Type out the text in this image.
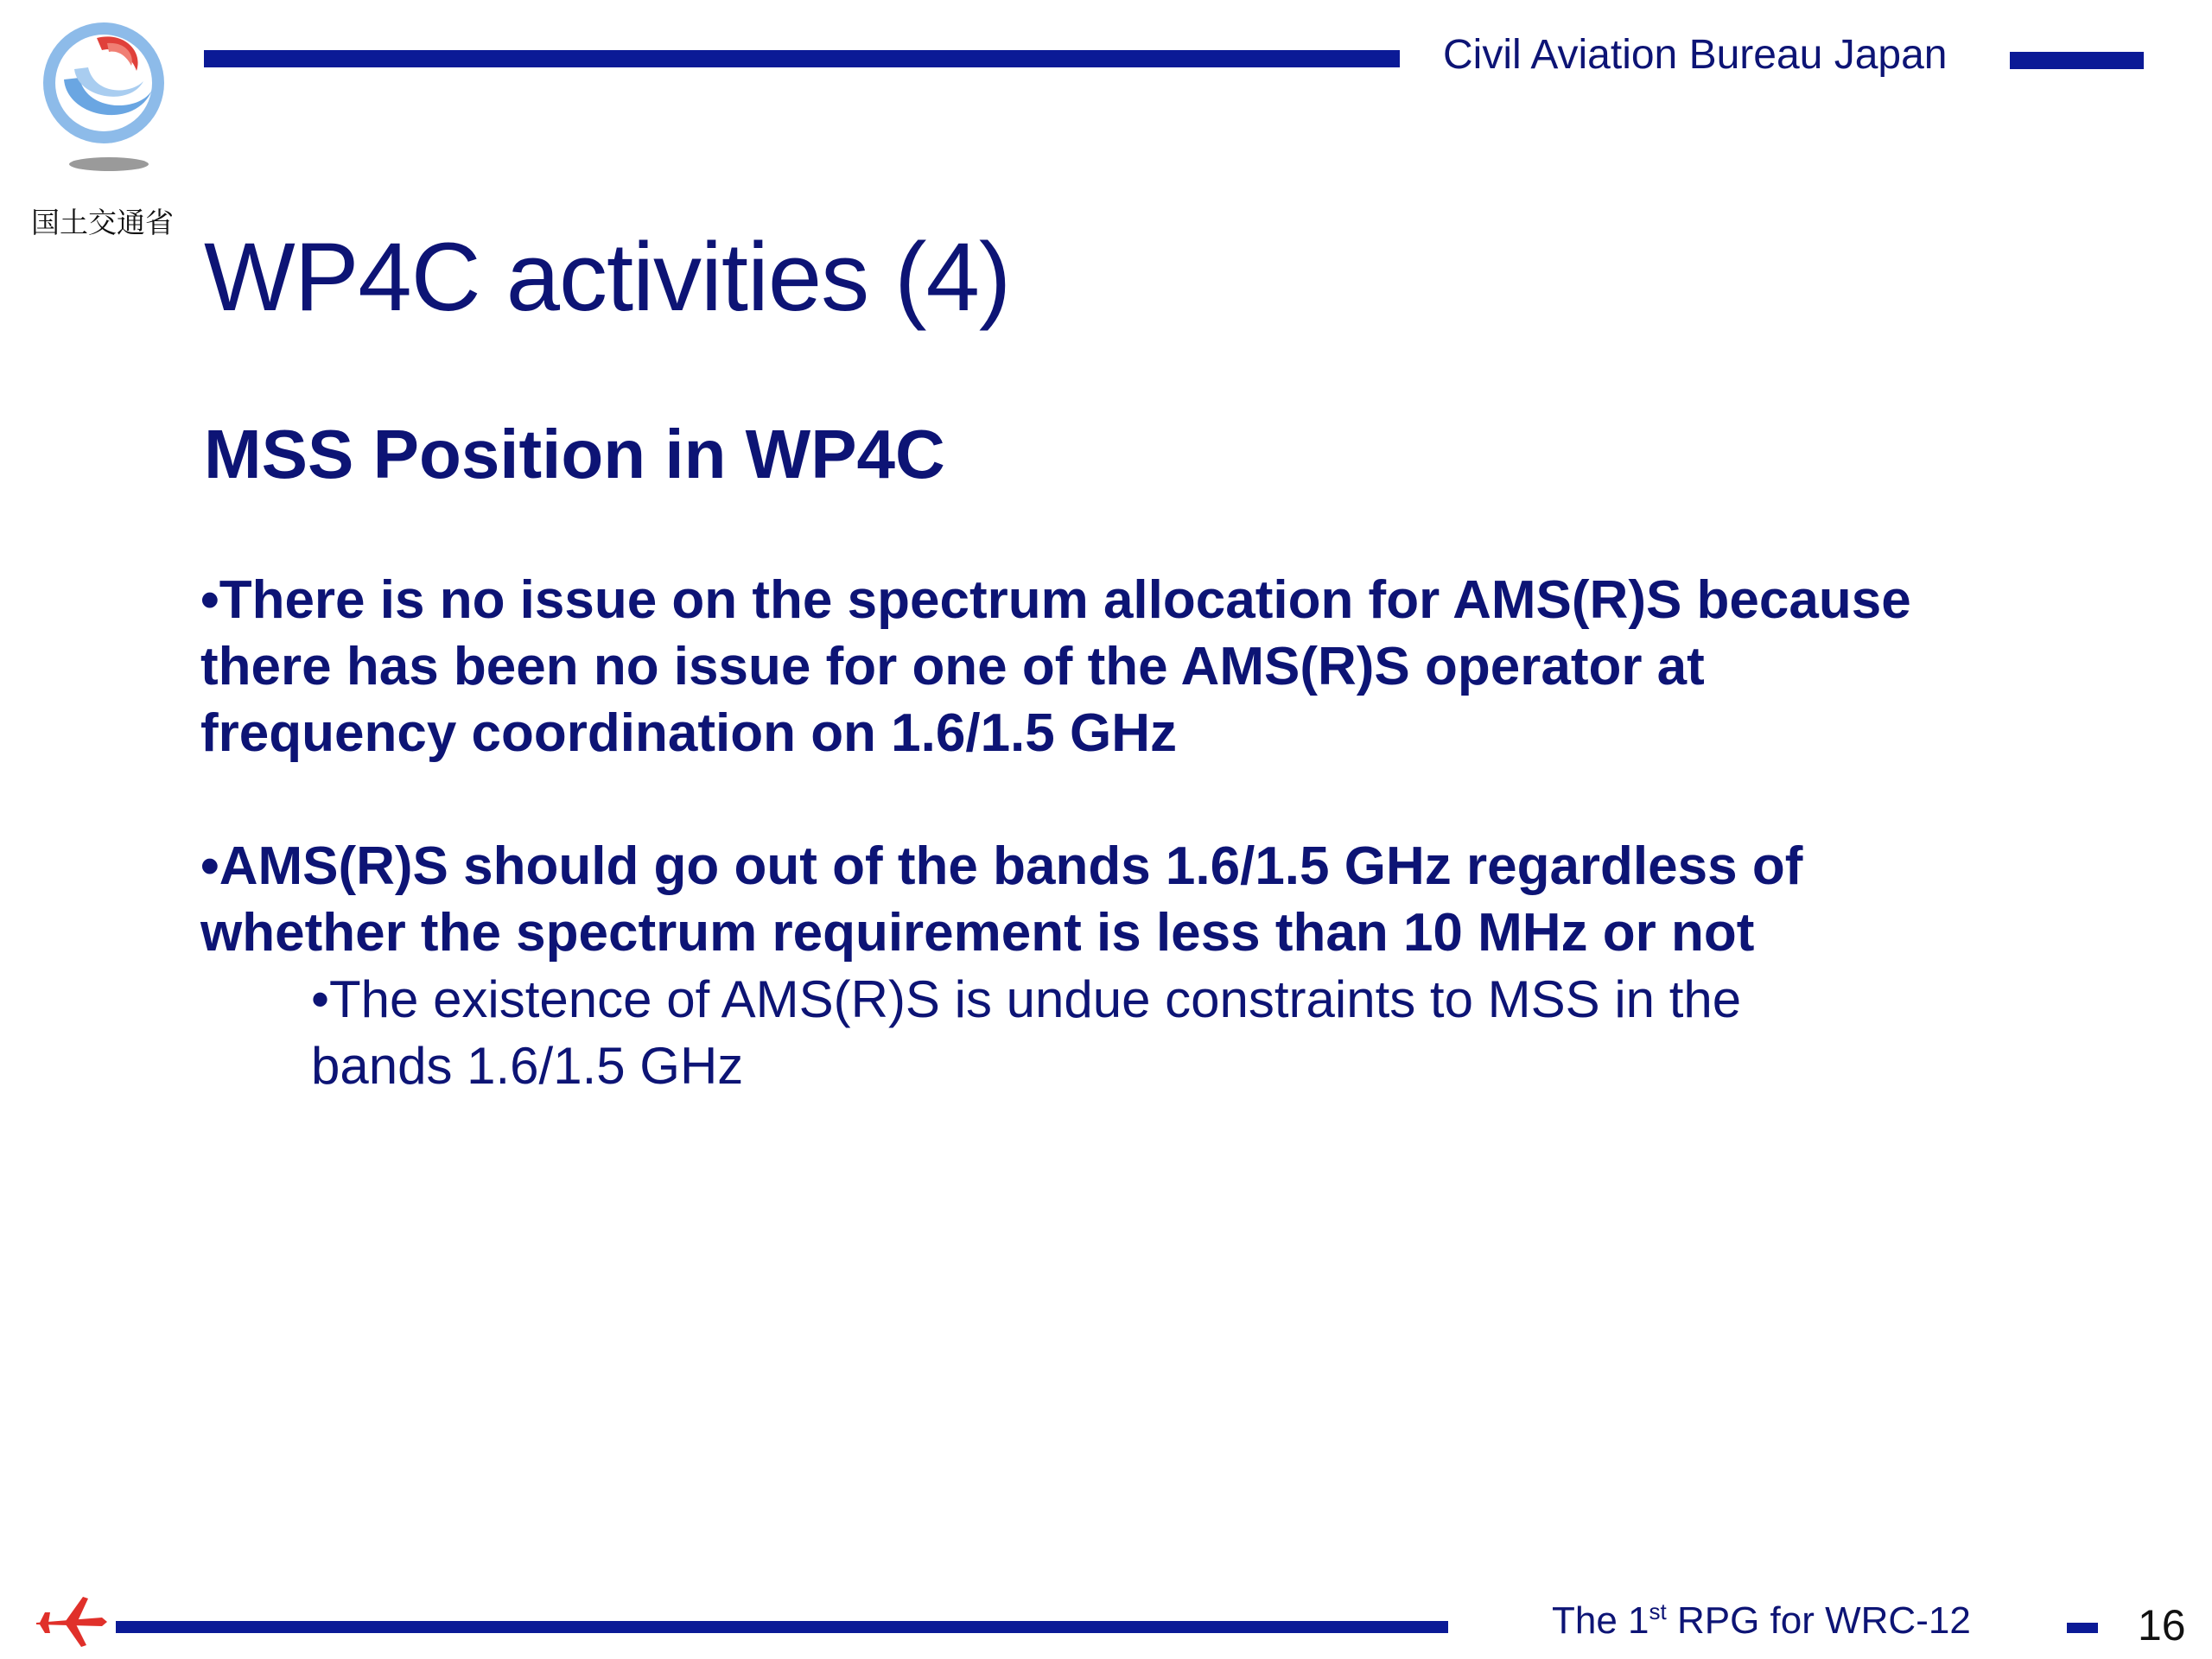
国土交通省
Civil Aviation Bureau Japan
WP4C activities (4)
MSS Position in WP4C
•There is no issue on the spectrum allocation for AMS(R)S because
there has been no issue for one of the AMS(R)S operator at
frequency coordination on 1.6/1.5 GHz
•AMS(R)S should go out of the bands 1.6/1.5 GHz regardless of
whether the spectrum requirement is less than 10 MHz or not
•The existence of AMS(R)S is undue constraints to MSS in the
bands 1.6/1.5 GHz
The 1st RPG for WRC-12	16
